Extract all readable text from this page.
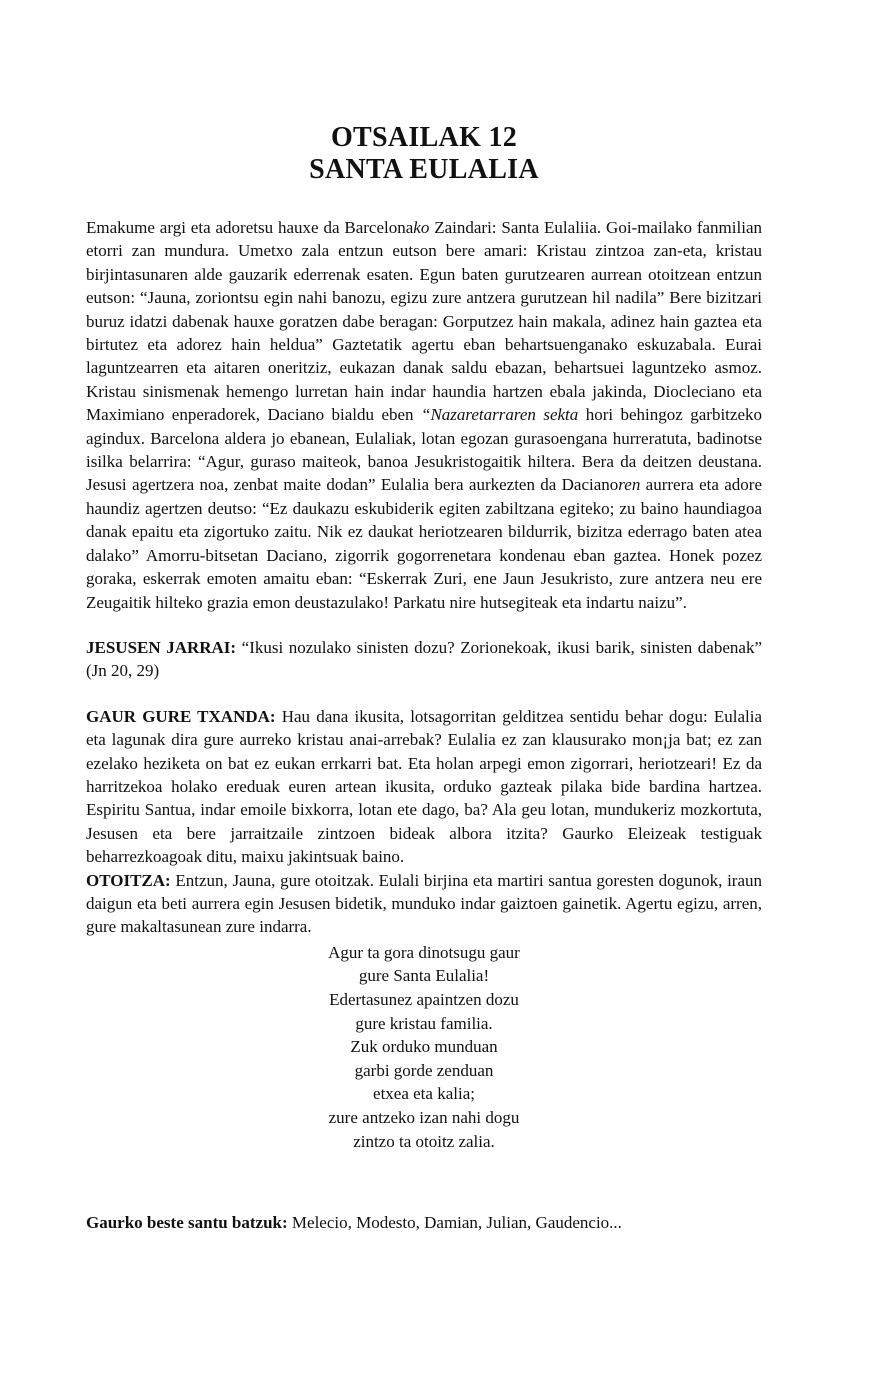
OTSAILAK 12
SANTA EULALIA

Emakume argi eta adoretsu hauxe da Barcelonako Zaindari: Santa Eulaliia. Goi-mailako fanmilian etorri zan mundura. Umetxo zala entzun eutson bere amari: Kristau zintzoa zan-eta, kristau birjintasunaren alde gauzarik ederrenak esaten. Egun baten gurutzearen aurrean otoitzean entzun eutson: “Jauna, zoriontsu egin nahi banozu, egizu zure antzera gurutzean hil nadila” Bere bizitzari buruz idatzi dabenak hauxe goratzen dabe beragan: Gorputzez hain makala, adinez hain gaztea eta birtutez eta adorez hain heldua” Gaztetatik agertu eban behartsuenganako eskuzabala. Eurai laguntzearren eta aitaren oneritziz, eukazan danak saldu ebazan, behartsuei laguntzeko asmoz. Kristau sinismenak hemengo lurretan hain indar haundia hartzen ebala jakinda, Diocleciano eta Maximiano enperadorek, Daciano bialdu eben “Nazaretarraren sekta hori behingoz garbitzeko agindux. Barcelona aldera jo ebanean, Eulaliak, lotan egozan gurasoengana hurreratuta, badinotse isilka belarrira: “Agur, guraso maiteok, banoa Jesukristogaitik hiltera. Bera da deitzen deustana. Jesusi agertzera noa, zenbat maite dodan” Eulalia bera aurkezten da Dacianoren aurrera eta adore haundiz agertzen deutso: “Ez daukazu eskubiderik egiten zabiltzana egiteko; zu baino haundiagoa danak epaitu eta zigortuko zaitu. Nik ez daukat heriotzearen bildurrik, bizitza ederrago baten atea dalako” Amorru-bitsetan Daciano, zigorrik gogorrenetara kondenau eban gaztea. Honek pozez goraka, eskerrak emoten amaitu eban: “Eskerrak Zuri, ene Jaun Jesukristo, zure antzera neu ere Zeugaitik hilteko grazia emon deustazulako! Parkatu nire hutsegiteak eta indartu naizu”.

JESUSEN JARRAI: “Ikusi nozulako sinisten dozu? Zorionekoak, ikusi barik, sinisten dabenak” (Jn 20, 29)

GAUR GURE TXANDA: Hau dana ikusita, lotsagorritan gelditzea sentidu behar dogu: Eulalia eta lagunak dira gure aurreko kristau anai-arrebak? Eulalia ez zan klausurako mon¡ja bat; ez zan ezelako heziketa on bat ez eukan errkarri bat. Eta holan arpegi emon zigorrari, heriotzeari! Ez da harritzekoa holako ereduak euren artean ikusita, orduko gazteak pilaka bide bardina hartzea. Espiritu Santua, indar emoile bixkorra, lotan ete dago, ba? Ala geu lotan, mundukeriz mozkortuta, Jesusen eta bere jarraitzaile zintzoen bideak albora itzita? Gaurko Eleizeak testiguak beharrezkoagoak ditu, maixu jakintsuak baino.

OTOITZA: Entzun, Jauna, gure otoitzak. Eulali birjina eta martiri santua goresten dogunok, iraun daigun eta beti aurrera egin Jesusen bidetik, munduko indar gaiztoen gainetik. Agertu egizu, arren, gure makaltasunean zure indarra.

Agur ta gora dinotsugu gaur
gure Santa Eulalia!
Edertasunez apaintzen dozu
gure kristau familia.
Zuk orduko munduan
garbi gorde zenduan
etxea eta kalia;
zure antzeko izan nahi dogu
zintzo ta otoitz zalia.

Gaurko beste santu batzuk: Melecio, Modesto, Damian, Julian, Gaudencio...
